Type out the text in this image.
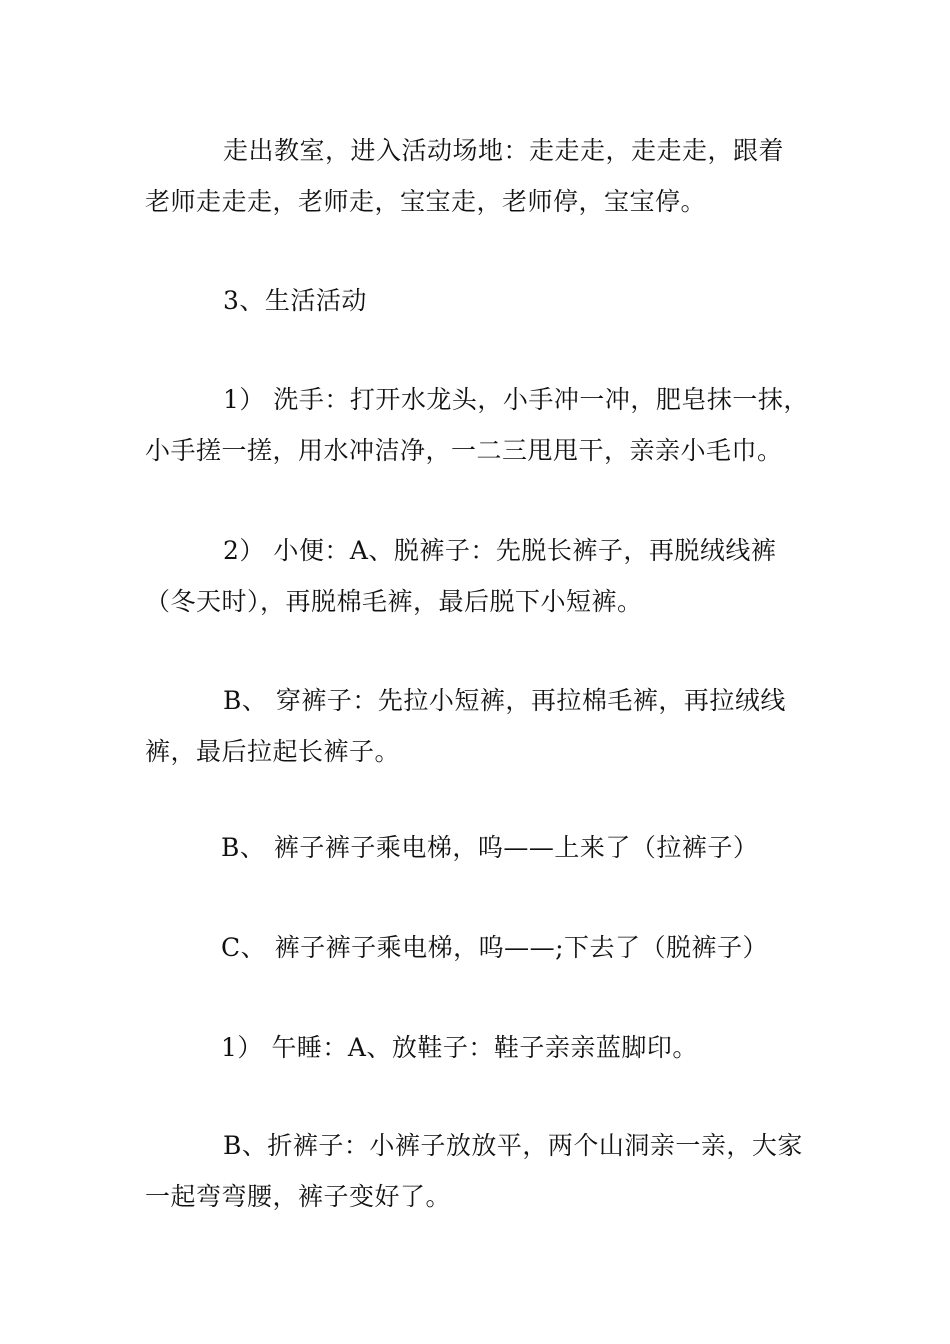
走出教室，进入活动场地：走走走，走走走，跟着
老师走走走，老师走，宝宝走，老师停，宝宝停。

3、生活活动

1） 洗手：打开水龙头，小手冲一冲，肥皂抹一抹，
小手搓一搓，用水冲洁净，一二三甩甩干，亲亲小毛巾。

2） 小便：A、脱裤子：先脱长裤子，再脱绒线裤
（冬天时），再脱棉毛裤，最后脱下小短裤。

B、 穿裤子：先拉小短裤，再拉棉毛裤，再拉绒线
裤，最后拉起长裤子。

B、 裤子裤子乘电梯，呜——上来了（拉裤子）

C、 裤子裤子乘电梯，呜——;下去了（脱裤子）

1） 午睡：A、放鞋子：鞋子亲亲蓝脚印。

B、折裤子：小裤子放放平，两个山洞亲一亲，大家
一起弯弯腰，裤子变好了。
